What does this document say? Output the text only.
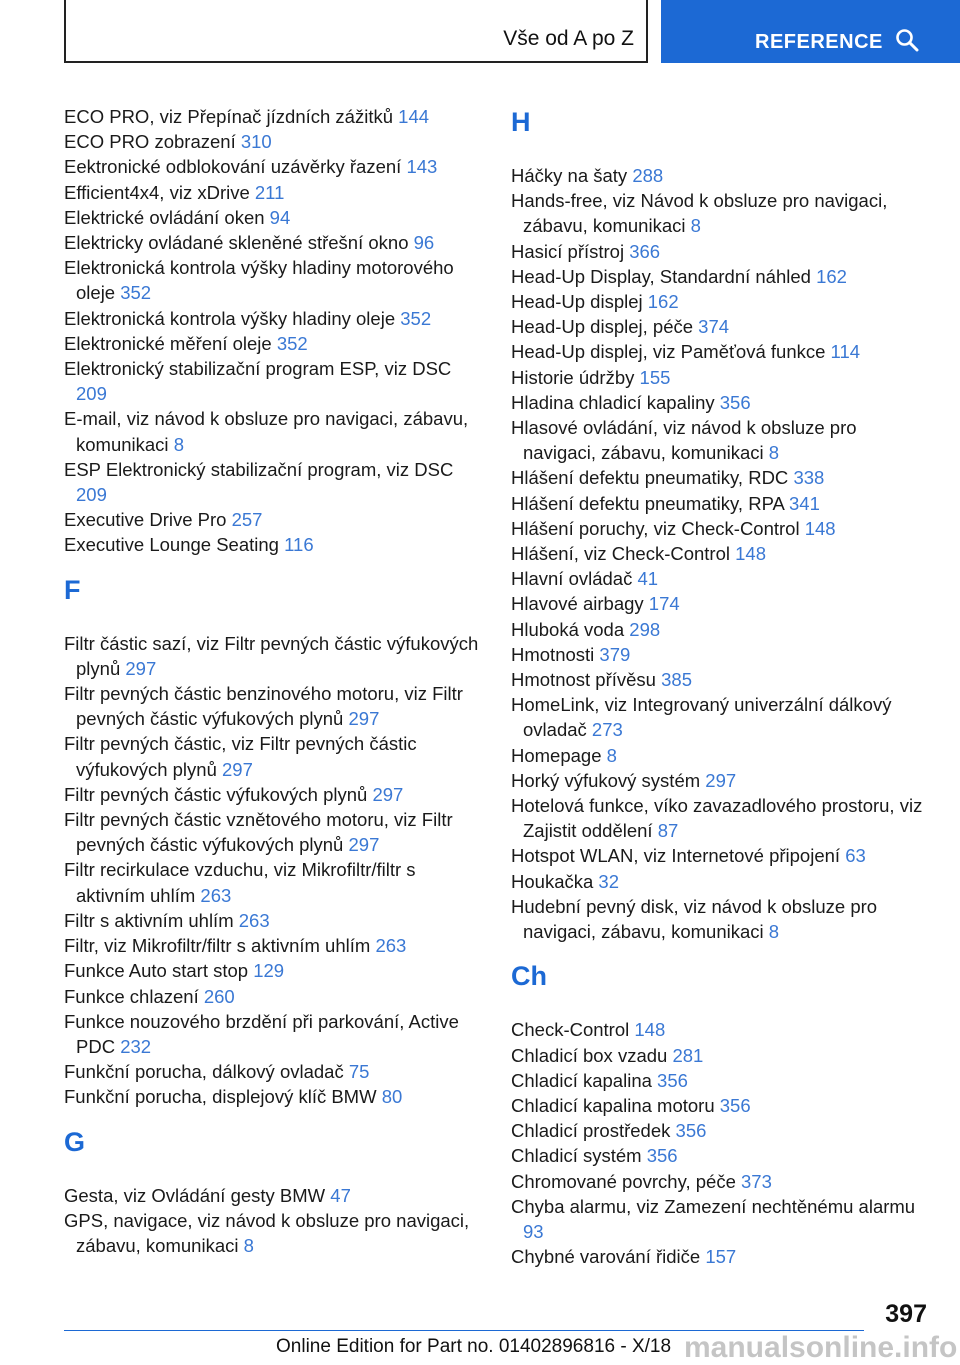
Vše od A po Z	REFERENCE
ECO PRO, viz Přepínač jízdních zážitků 144
ECO PRO zobrazení 310
Eektronické odblokování uzávěrky řazení 143
Efficient4x4, viz xDrive 211
Elektrické ovládání oken 94
Elektricky ovládané skleněné střešní okno 96
Elektronická kontrola výšky hladiny motorového oleje 352
Elektronická kontrola výšky hladiny oleje 352
Elektronické měření oleje 352
Elektronický stabilizační program ESP, viz DSC 209
E-mail, viz návod k obsluze pro navigaci, zábavu, komunikaci 8
ESP Elektronický stabilizační program, viz DSC 209
Executive Drive Pro 257
Executive Lounge Seating 116
F
Filtr částic sazí, viz Filtr pevných částic výfukových plynů 297
Filtr pevných částic benzinového motoru, viz Filtr pevných částic výfukových plynů 297
Filtr pevných částic, viz Filtr pevných částic výfukových plynů 297
Filtr pevných částic výfukových plynů 297
Filtr pevných částic vznětového motoru, viz Filtr pevných částic výfukových plynů 297
Filtr recirkulace vzduchu, viz Mikrofiltr/filtr s aktivním uhlím 263
Filtr s aktivním uhlím 263
Filtr, viz Mikrofiltr/filtr s aktivním uhlím 263
Funkce Auto start stop 129
Funkce chlazení 260
Funkce nouzového brzdění při parkování, Active PDC 232
Funkční porucha, dálkový ovladač 75
Funkční porucha, displejový klíč BMW 80
G
Gesta, viz Ovládání gesty BMW 47
GPS, navigace, viz návod k obsluze pro navigaci, zábavu, komunikaci 8
H
Háčky na šaty 288
Hands-free, viz Návod k obsluze pro navigaci, zábavu, komunikaci 8
Hasicí přístroj 366
Head-Up Display, Standardní náhled 162
Head-Up displej 162
Head-Up displej, péče 374
Head-Up displej, viz Paměťová funkce 114
Historie údržby 155
Hladina chladicí kapaliny 356
Hlasové ovládání, viz návod k obsluze pro navigaci, zábavu, komunikaci 8
Hlášení defektu pneumatiky, RDC 338
Hlášení defektu pneumatiky, RPA 341
Hlášení poruchy, viz Check-Control 148
Hlášení, viz Check-Control 148
Hlavní ovládač 41
Hlavové airbagy 174
Hluboká voda 298
Hmotnosti 379
Hmotnost přívěsu 385
HomeLink, viz Integrovaný univerzální dálkový ovladač 273
Homepage 8
Horký výfukový systém 297
Hotelová funkce, víko zavazadlového prostoru, viz Zajistit oddělení 87
Hotspot WLAN, viz Internetové připojení 63
Houkačka 32
Hudební pevný disk, viz návod k obsluze pro navigaci, zábavu, komunikaci 8
Ch
Check-Control 148
Chladicí box vzadu 281
Chladicí kapalina 356
Chladicí kapalina motoru 356
Chladicí prostředek 356
Chladicí systém 356
Chromované povrchy, péče 373
Chyba alarmu, viz Zamezení nechtěnému alarmu 93
Chybné varování řidiče 157
397
Online Edition for Part no. 01402896816 - X/18 manualsonline.info
